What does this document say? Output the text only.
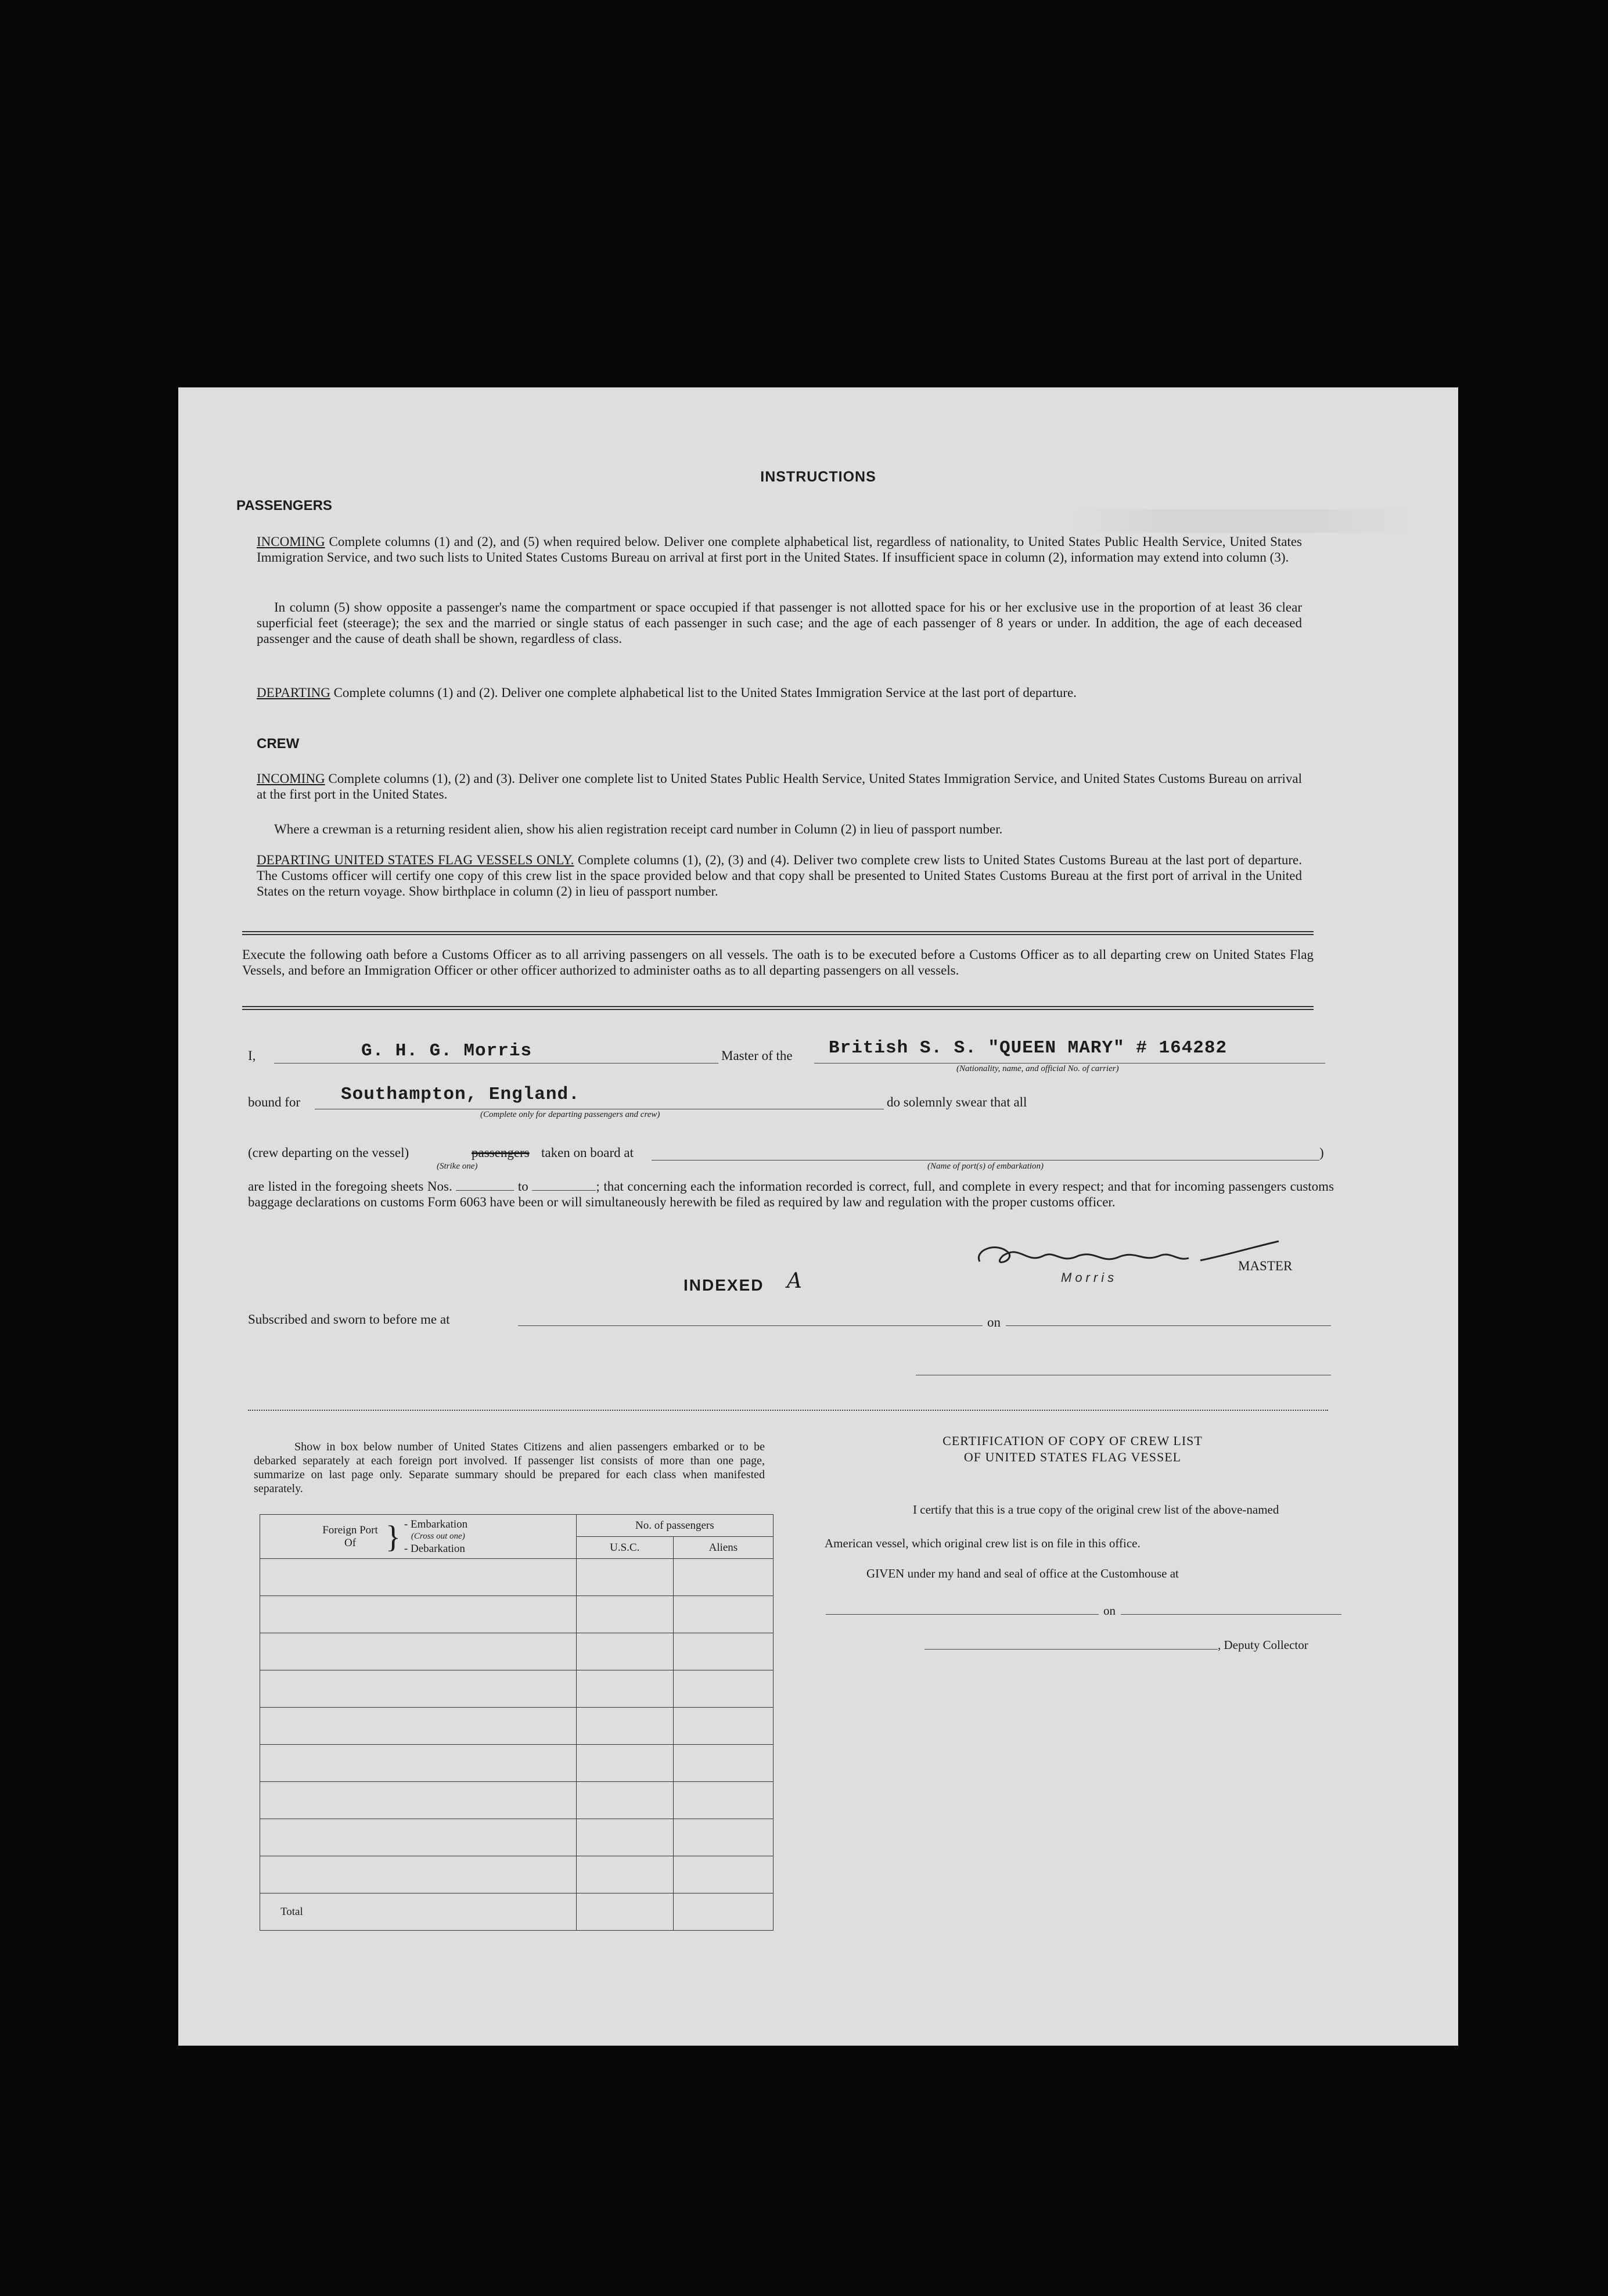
INSTRUCTIONS
PASSENGERS
INCOMING Complete columns (1) and (2), and (5) when required below. Deliver one complete alphabetical list, regardless of nationality, to United States Public Health Service, United States Immigration Service, and two such lists to United States Customs Bureau on arrival at first port in the United States. If insufficient space in column (2), information may extend into column (3).
In column (5) show opposite a passenger's name the compartment or space occupied if that passenger is not allotted space for his or her exclusive use in the proportion of at least 36 clear superficial feet (steerage); the sex and the married or single status of each passenger in such case; and the age of each passenger of 8 years or under. In addition, the age of each deceased passenger and the cause of death shall be shown, regardless of class.
DEPARTING Complete columns (1) and (2). Deliver one complete alphabetical list to the United States Immigration Service at the last port of departure.
CREW
INCOMING Complete columns (1), (2) and (3). Deliver one complete list to United States Public Health Service, United States Immigration Service, and United States Customs Bureau on arrival at the first port in the United States.
Where a crewman is a returning resident alien, show his alien registration receipt card number in Column (2) in lieu of passport number.
DEPARTING UNITED STATES FLAG VESSELS ONLY. Complete columns (1), (2), (3) and (4). Deliver two complete crew lists to United States Customs Bureau at the last port of departure. The Customs officer will certify one copy of this crew list in the space provided below and that copy shall be presented to United States Customs Bureau at the first port of arrival in the United States on the return voyage. Show birthplace in column (2) in lieu of passport number.
Execute the following oath before a Customs Officer as to all arriving passengers on all vessels. The oath is to be executed before a Customs Officer as to all departing crew on United States Flag Vessels, and before an Immigration Officer or other officer authorized to administer oaths as to all departing passengers on all vessels.
I,	G. H. G. Morris	Master of the British S. S. "QUEEN MARY" # 164282
(Nationality, name, and official No. of carrier)
bound for Southampton, England.
(Complete only for departing passengers and crew)
do solemnly swear that all
(crew departing on the vessel)	passengers
(Strike one)
taken on board at
(Name of port(s) of embarkation)
)
are listed in the foregoing sheets Nos.	to	; that concerning each the information recorded is correct, full, and complete in every respect; and that for incoming passengers customs baggage declarations on customs Form 6063 have been or will simultaneously herewith be filed as required by law and regulation with the proper customs officer.
Morris
MASTER
INDEXED A
Subscribed and sworn to before me at	on
Show in box below number of United States Citizens and alien passengers embarked or to be debarked separately at each foreign port involved. If passenger list consists of more than one page, summarize on last page only. Separate summary should be prepared for each class when manifested separately.
Foreign Port Of } - Embarkation
(Cross out one)
- Debarkation	No. of passengers	
	U.S.C.	Aliens

Total		
CERTIFICATION OF COPY OF CREW LIST
OF UNITED STATES FLAG VESSEL
I certify that this is a true copy of the original crew list of the above-named
American vessel, which original crew list is on file in this office.
GIVEN under my hand and seal of office at the Customhouse at
on
, Deputy Collector
